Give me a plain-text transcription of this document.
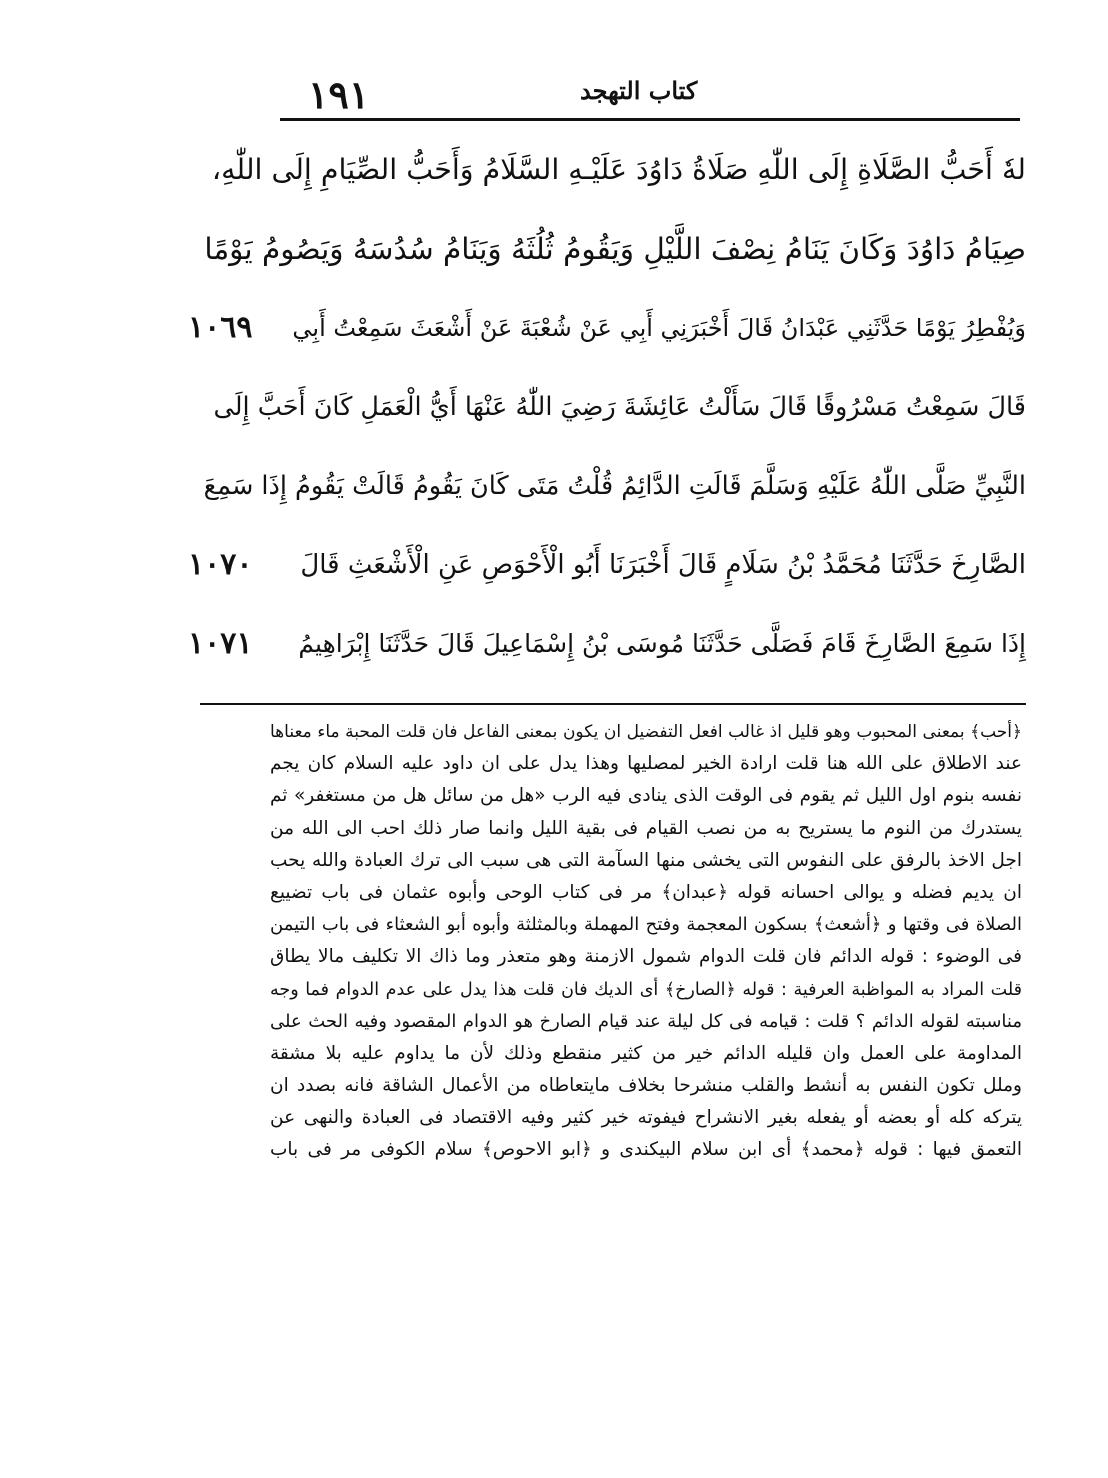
١٩١	كتاب التهجد
لهٗ أَحَبُّ الصَّلَاةِ إِلَى اللّٰهِ صَلَاةُ دَاوُدَ عَلَيْـهِ السَّلَامُ وَأَحَبُّ الصِّيَامِ إِلَى اللّٰهِ،
صِيَامُ دَاوُدَ وَكَانَ يَنَامُ نِصْفَ اللَّيْلِ وَيَقُومُ ثُلُثَهُ وَيَنَامُ سُدُسَهُ وَيَصُومُ يَوْمًا
وَيُفْطِرُ يَوْمًا حَدَّثَنِي عَبْدَانُ قَالَ أَخْبَرَنِي أَبِي عَنْ شُعْبَةَ عَنْ أَشْعَثَ سَمِعْتُ أَبِي
١٠٦٩
قَالَ سَمِعْتُ مَسْرُوقًا قَالَ سَأَلْتُ عَائِشَةَ رَضِيَ اللّٰهُ عَنْهَا أَيُّ الْعَمَلِ كَانَ أَحَبَّ إِلَى
النَّبِيِّ صَلَّى اللّٰهُ عَلَيْهِ وَسَلَّمَ قَالَتِ الدَّائِمُ قُلْتُ مَتَى كَانَ يَقُومُ قَالَتْ يَقُومُ إِذَا سَمِعَ
الصَّارِخَ حَدَّثَنَا مُحَمَّدُ بْنُ سَلَامٍ قَالَ أَخْبَرَنَا أَبُو الْأَحْوَصِ عَنِ الْأَشْعَثِ قَالَ
١٠٧٠
إِذَا سَمِعَ الصَّارِخَ قَامَ فَصَلَّى حَدَّثَنَا مُوسَى بْنُ إِسْمَاعِيلَ قَالَ حَدَّثَنَا إِبْرَاهِيمُ
١٠٧١
﴿أحب﴾ بمعنى المحبوب وهو قليل اذ غالب افعل التفضيل ان يكون بمعنى الفاعل فان قلت المحبة ماء معناها
عند الاطلاق على الله هنا قلت ارادة الخير لمصليها وهذا يدل على ان داود عليه السلام كان يجم
نفسه بنوم اول الليل ثم يقوم فى الوقت الذى ينادى فيه الرب «هل من سائل هل من مستغفر» ثم
يستدرك من النوم ما يستريح به من نصب القيام فى بقية الليل وانما صار ذلك احب الى الله من
اجل الاخذ بالرفق على النفوس التى يخشى منها السآمة التى هى سبب الى ترك العبادة والله يحب
ان يديم فضله و يوالى احسانه قوله ﴿عبدان﴾ مر فى كتاب الوحى وأبوه عثمان فى باب تضييع
الصلاة فى وقتها و ﴿أشعث﴾ بسكون المعجمة وفتح المهملة وبالمثلثة وأبوه أبو الشعثاء فى باب التيمن
فى الوضوء : قوله الدائم فان قلت الدوام شمول الازمنة وهو متعذر وما ذاك الا تكليف مالا يطاق
قلت المراد به المواظبة العرفية : قوله ﴿الصارخ﴾ أى الديك فان قلت هذا يدل على عدم الدوام فما وجه
مناسبته لقوله الدائم ؟ قلت : قيامه فى كل ليلة عند قيام الصارخ هو الدوام المقصود وفيه الحث على
المداومة على العمل وان قليله الدائم خير من كثير منقطع وذلك لأن ما يداوم عليه بلا مشقة
وملل تكون النفس به أنشط والقلب منشرحا بخلاف مايتعاطاه من الأعمال الشاقة فانه بصدد ان
يتركه كله أو بعضه أو يفعله بغير الانشراح فيفوته خير كثير وفيه الاقتصاد فى العبادة والنهى عن
التعمق فيها : قوله ﴿محمد﴾ أى ابن سلام البيكندى و ﴿ابو الاحوص﴾ سلام الكوفى مر فى باب
